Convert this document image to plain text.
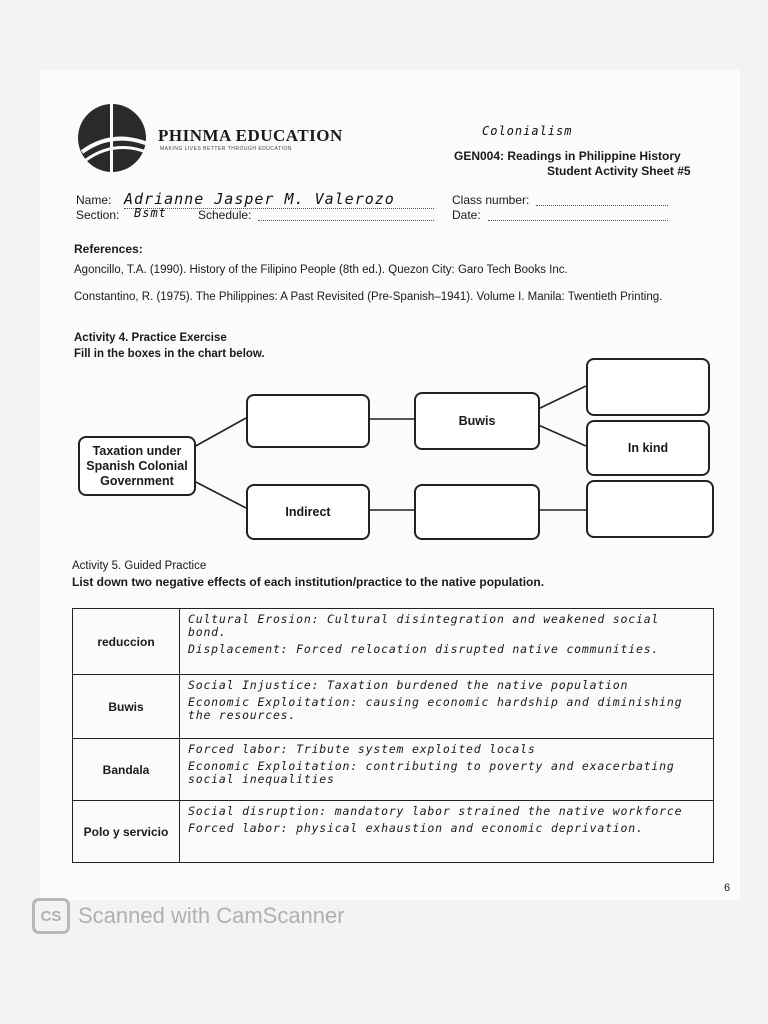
PHINMA EDUCATION
MAKING LIVES BETTER THROUGH EDUCATION
Colonialism
GEN004: Readings in Philippine History
Student Activity Sheet #5
Name: Adrianne Jasper M. Valerozo
Section: Bsmt	Schedule:
Class number:
Date:
References:
Agoncillo, T.A. (1990). History of the Filipino People (8th ed.). Quezon City: Garo Tech Books Inc.
Constantino, R. (1975). The Philippines: A Past Revisited (Pre-Spanish–1941). Volume I. Manila: Twentieth Printing.
Activity 4. Practice Exercise
Fill in the boxes in the chart below.
Taxation under Spanish Colonial Government
Indirect
Buwis
In kind
Activity 5. Guided Practice
List down two negative effects of each institution/practice to the native population.
reduccion	Cultural Erosion: Cultural disintegration and weakened social bond.
Displacement: Forced relocation disrupted native communities.

Buwis	Social Injustice: Taxation burdened the native population
Economic Exploitation: causing economic hardship and diminishing the resources.

Bandala	Forced labor: Tribute system exploited locals
Economic Exploitation: contributing to poverty and exacerbating social inequalities

Polo y servicio	Social disruption: mandatory labor strained the native workforce
Forced labor: physical exhaustion and economic deprivation.
6
CS Scanned with CamScanner
